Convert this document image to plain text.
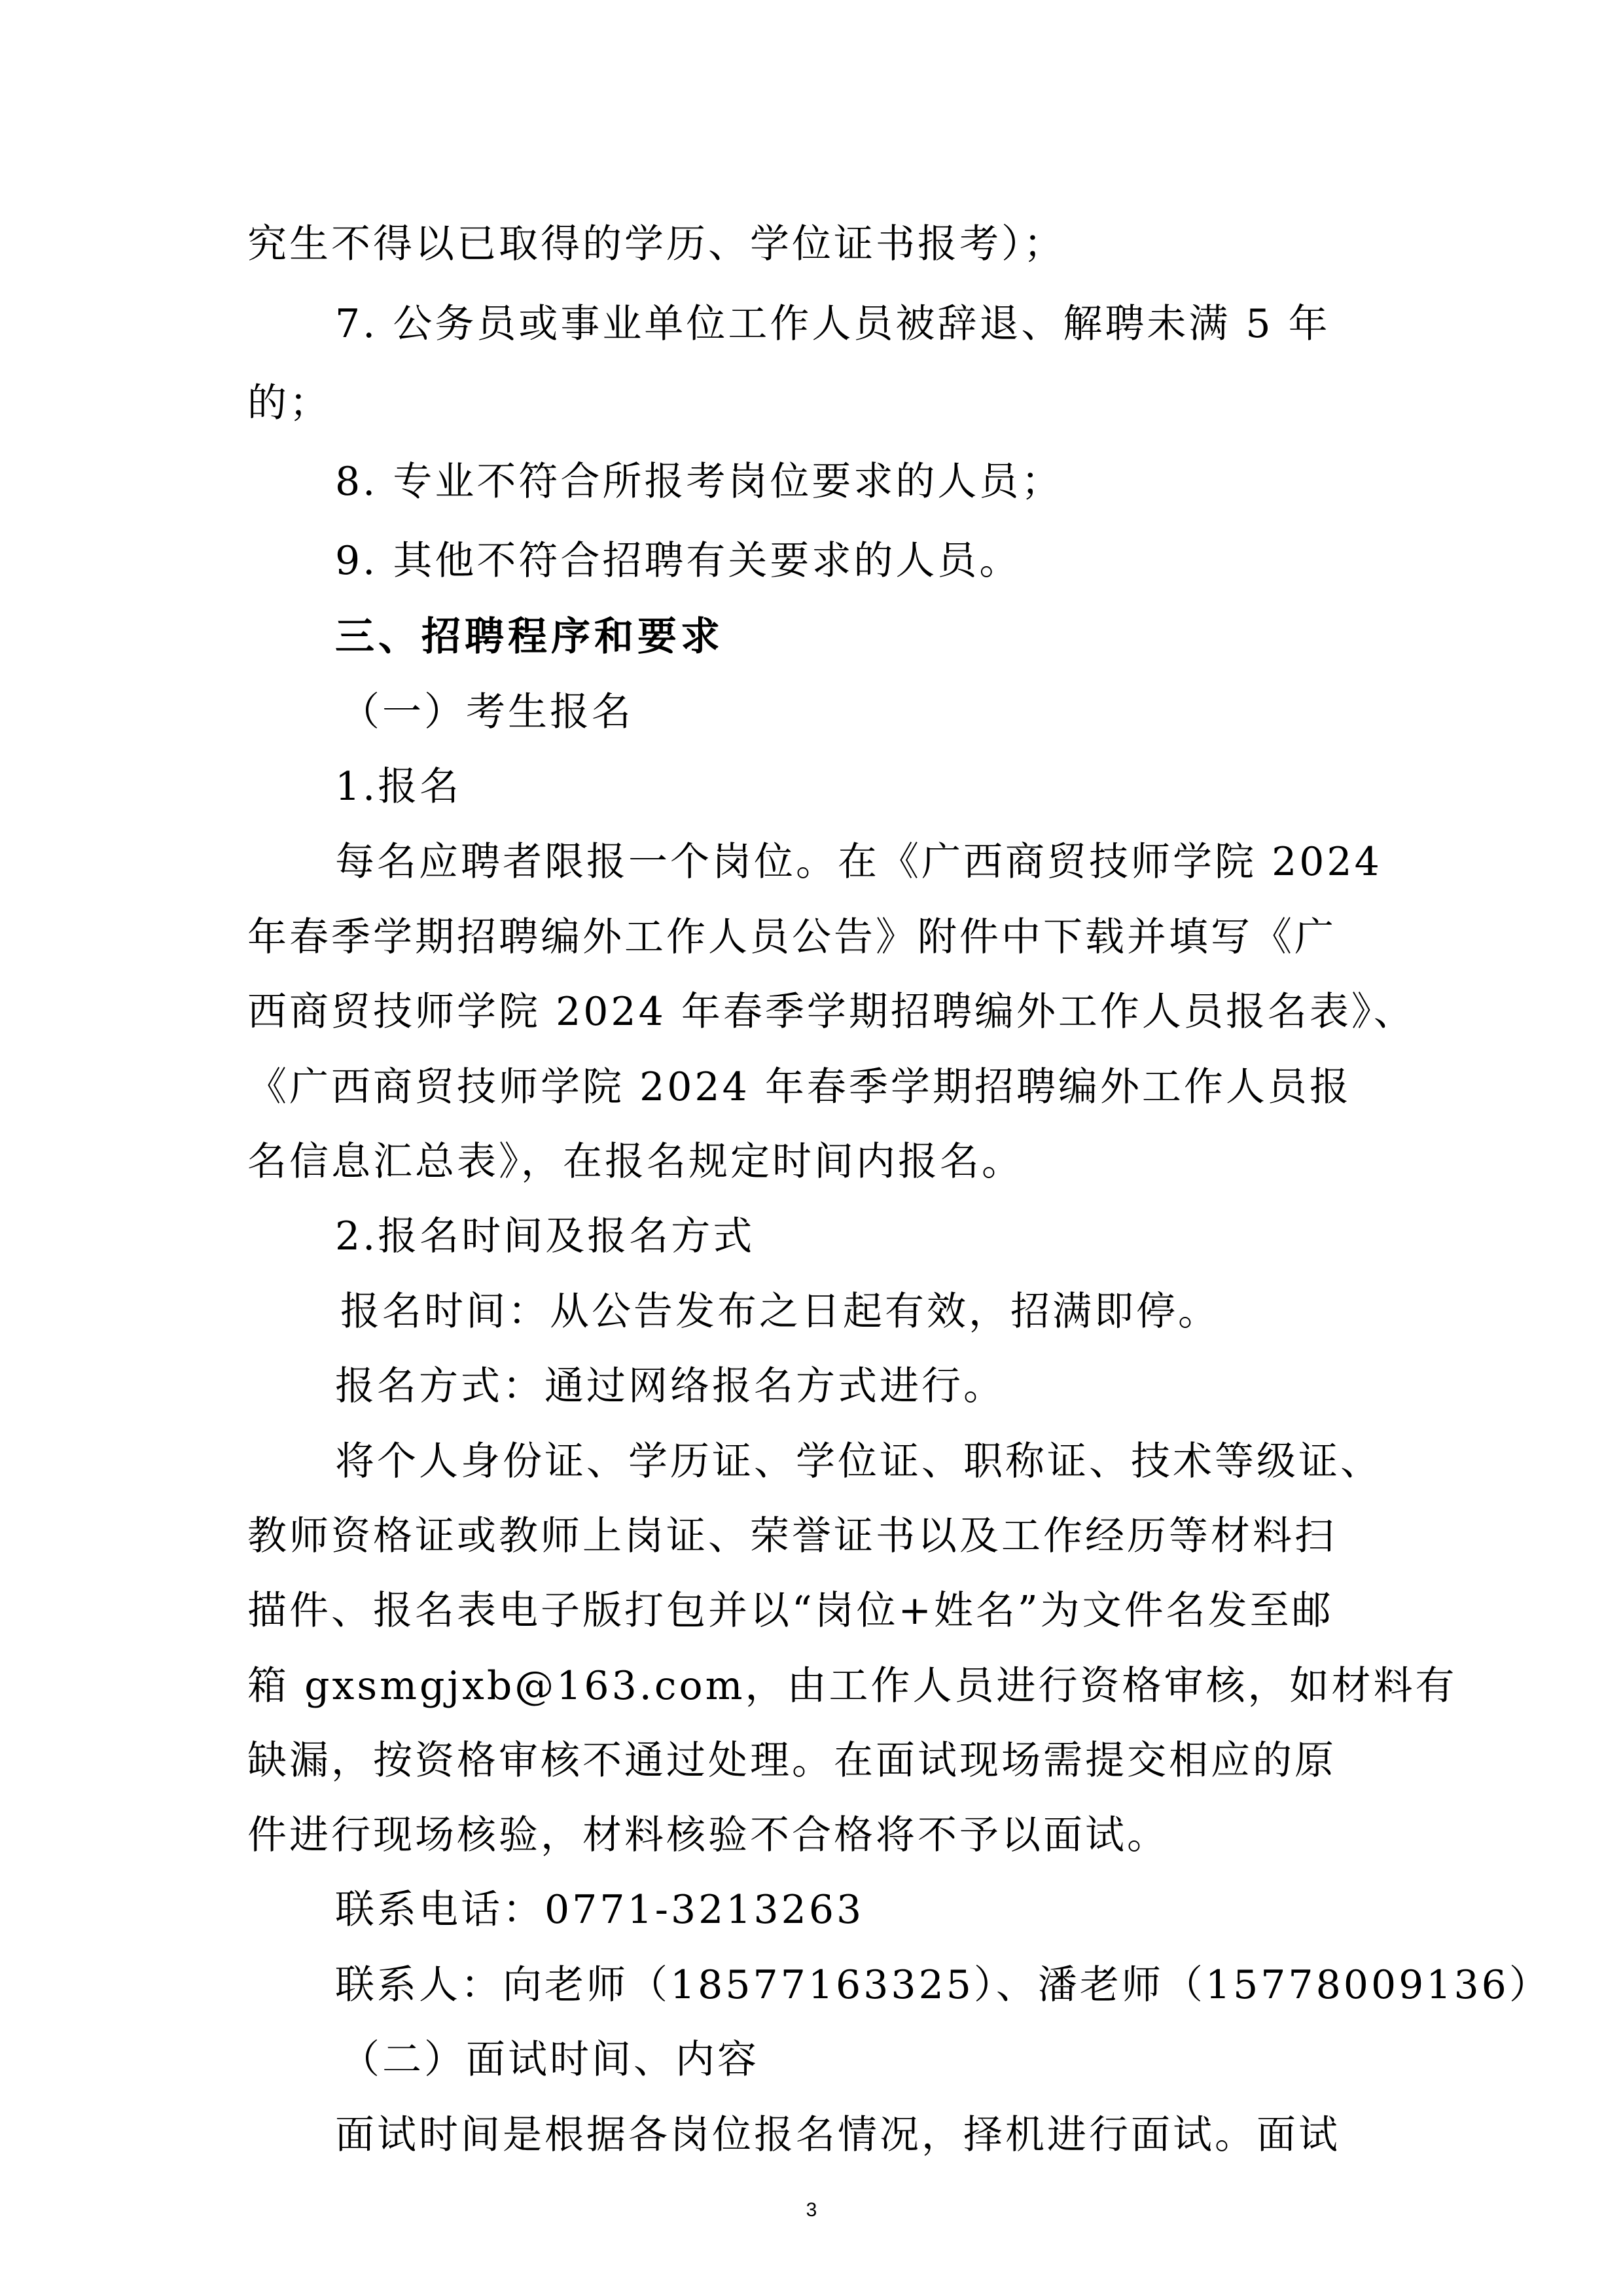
究生不得以已取得的学历、学位证书报考）；
7. 公务员或事业单位工作人员被辞退、解聘未满 5 年
的；
8. 专业不符合所报考岗位要求的人员；
9. 其他不符合招聘有关要求的人员。
三、招聘程序和要求
（一）考生报名
1.报名
每名应聘者限报一个岗位。在《广西商贸技师学院 2024
年春季学期招聘编外工作人员公告》附件中下载并填写《广
西商贸技师学院 2024 年春季学期招聘编外工作人员报名表》、
《广西商贸技师学院 2024 年春季学期招聘编外工作人员报
名信息汇总表》，在报名规定时间内报名。
2.报名时间及报名方式
报名时间：从公告发布之日起有效，招满即停。
报名方式：通过网络报名方式进行。
将个人身份证、学历证、学位证、职称证、技术等级证、
教师资格证或教师上岗证、荣誉证书以及工作经历等材料扫
描件、报名表电子版打包并以“岗位+姓名”为文件名发至邮
箱 gxsmgjxb@163.com，由工作人员进行资格审核，如材料有
缺漏，按资格审核不通过处理。在面试现场需提交相应的原
件进行现场核验，材料核验不合格将不予以面试。
联系电话：0771-3213263
联系人：向老师（18577163325）、潘老师（15778009136）
（二）面试时间、内容
面试时间是根据各岗位报名情况，择机进行面试。面试
3
